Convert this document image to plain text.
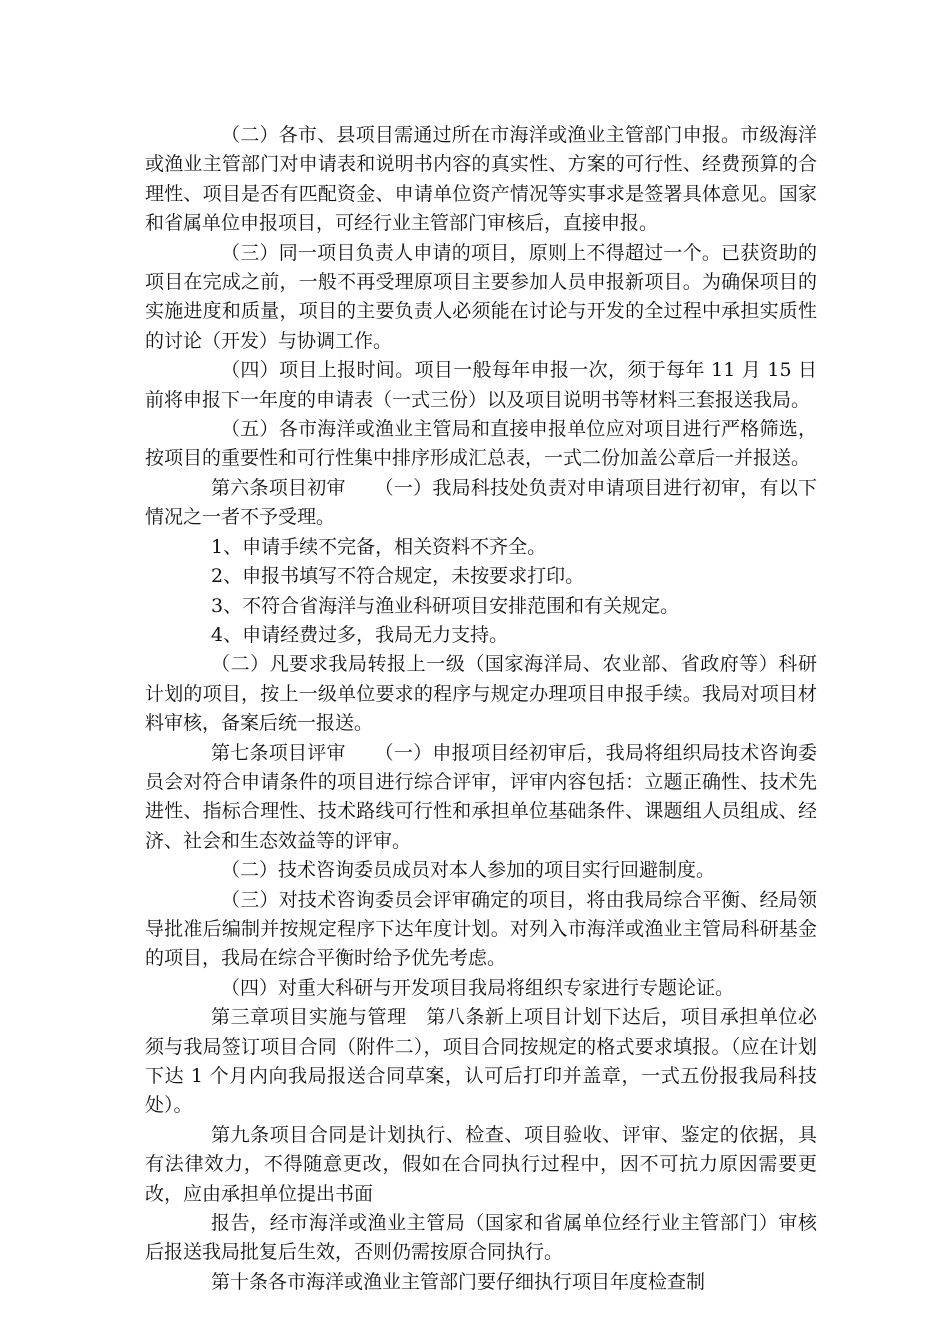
（二）各市、县项目需通过所在市海洋或渔业主管部门申报。市级海洋或渔业主管部门对申请表和说明书内容的真实性、方案的可行性、经费预算的合理性、项目是否有匹配资金、申请单位资产情况等实事求是签署具体意见。国家和省属单位申报项目，可经行业主管部门审核后，直接申报。

（三）同一项目负责人申请的项目，原则上不得超过一个。已获资助的项目在完成之前，一般不再受理原项目主要参加人员申报新项目。为确保项目的实施进度和质量，项目的主要负责人必须能在讨论与开发的全过程中承担实质性的讨论（开发）与协调工作。

（四）项目上报时间。项目一般每年申报一次，须于每年 11 月 15 日前将申报下一年度的申请表（一式三份）以及项目说明书等材料三套报送我局。

（五）各市海洋或渔业主管局和直接申报单位应对项目进行严格筛选，按项目的重要性和可行性集中排序形成汇总表，一式二份加盖公章后一并报送。

第六条项目初审　　（一）我局科技处负责对申请项目进行初审，有以下情况之一者不予受理。

1、申请手续不完备，相关资料不齐全。

2、申报书填写不符合规定，未按要求打印。

3、不符合省海洋与渔业科研项目安排范围和有关规定。

4、申请经费过多，我局无力支持。

（二）凡要求我局转报上一级（国家海洋局、农业部、省政府等）科研计划的项目，按上一级单位要求的程序与规定办理项目申报手续。我局对项目材料审核，备案后统一报送。

第七条项目评审　　（一）申报项目经初审后，我局将组织局技术咨询委员会对符合申请条件的项目进行综合评审，评审内容包括：立题正确性、技术先进性、指标合理性、技术路线可行性和承担单位基础条件、课题组人员组成、经济、社会和生态效益等的评审。

（二）技术咨询委员成员对本人参加的项目实行回避制度。

（三）对技术咨询委员会评审确定的项目，将由我局综合平衡、经局领导批准后编制并按规定程序下达年度计划。对列入市海洋或渔业主管局科研基金的项目，我局在综合平衡时给予优先考虑。

（四）对重大科研与开发项目我局将组织专家进行专题论证。

第三章项目实施与管理　第八条新上项目计划下达后，项目承担单位必须与我局签订项目合同（附件二），项目合同按规定的格式要求填报。（应在计划下达 1 个月内向我局报送合同草案，认可后打印并盖章，一式五份报我局科技处）。

第九条项目合同是计划执行、检查、项目验收、评审、鉴定的依据，具有法律效力，不得随意更改，假如在合同执行过程中，因不可抗力原因需要更改，应由承担单位提出书面

报告，经市海洋或渔业主管局（国家和省属单位经行业主管部门）审核后报送我局批复后生效，否则仍需按原合同执行。

第十条各市海洋或渔业主管部门要仔细执行项目年度检查制
